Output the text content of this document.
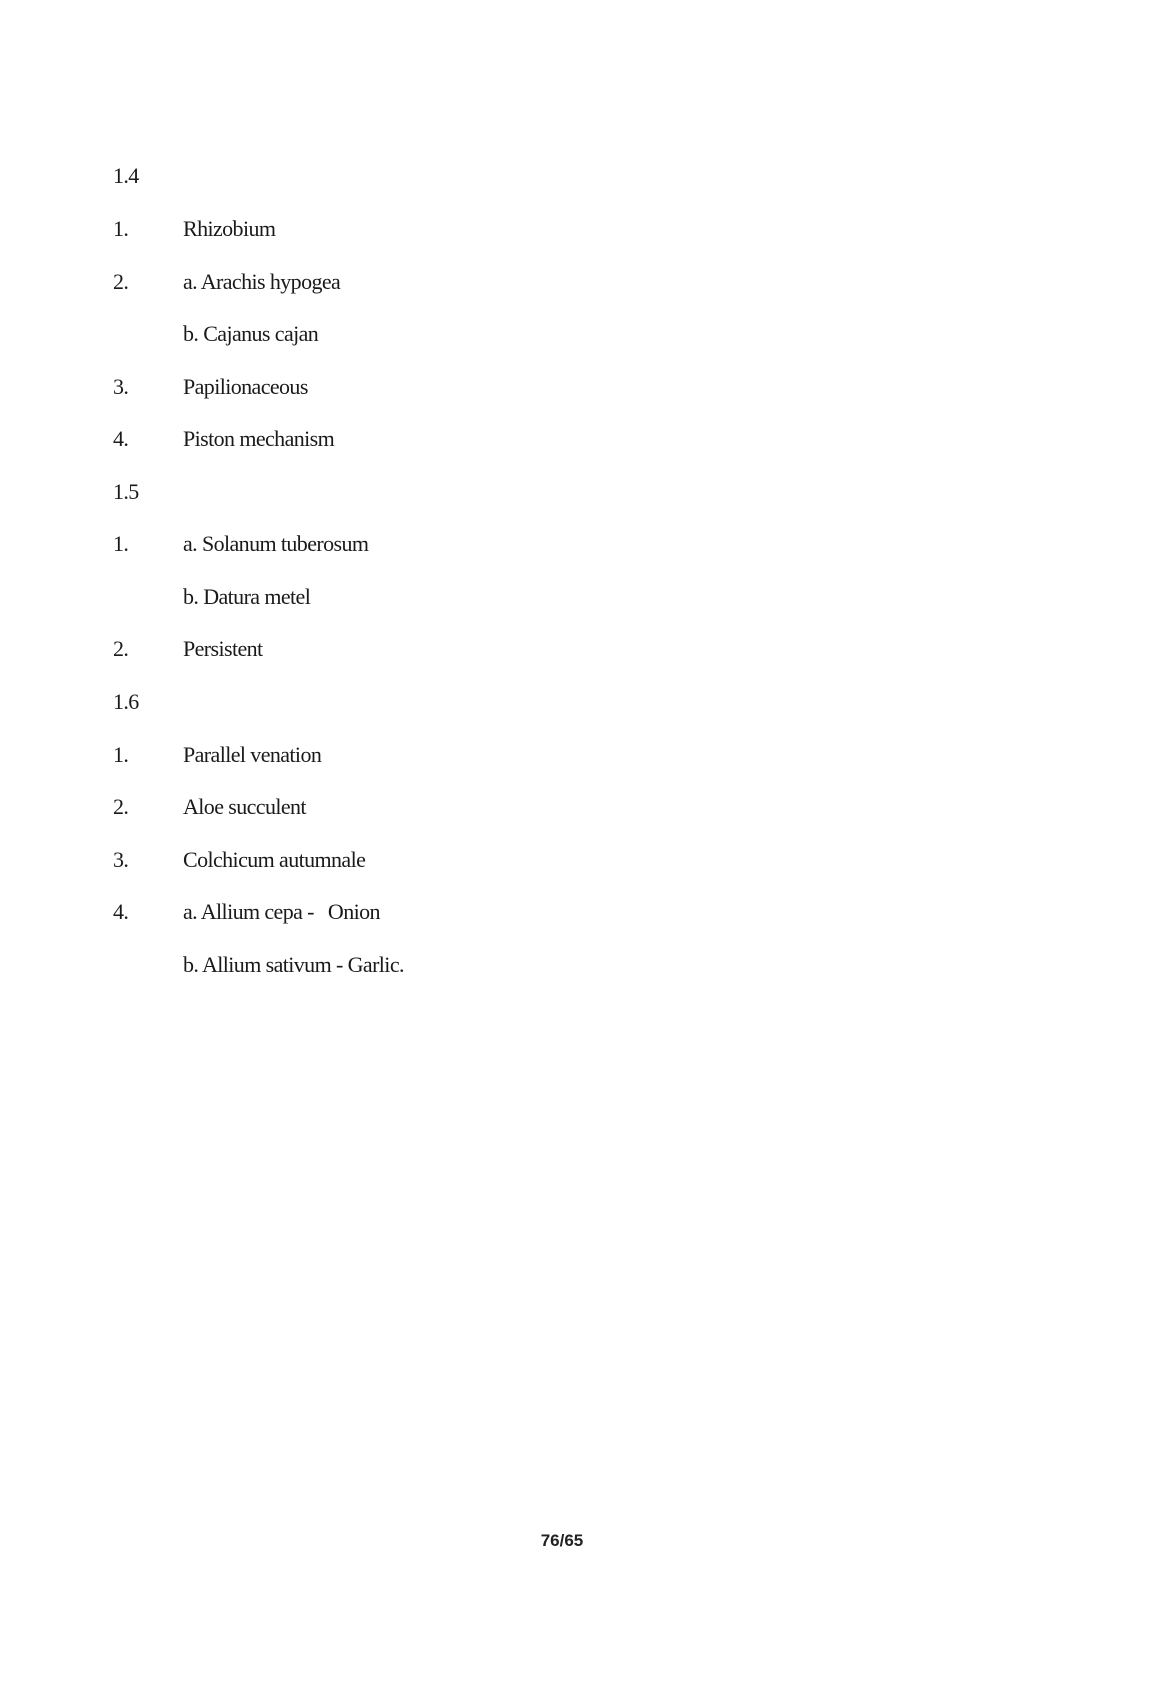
1.4
1. Rhizobium
2. a. Arachis hypogea
b. Cajanus cajan
3. Papilionaceous
4. Piston mechanism
1.5
1. a. Solanum tuberosum
b. Datura metel
2. Persistent
1.6
1. Parallel venation
2. Aloe succulent
3. Colchicum autumnale
4. a. Allium cepa - Onion
b. Allium sativum - Garlic.
76/65
